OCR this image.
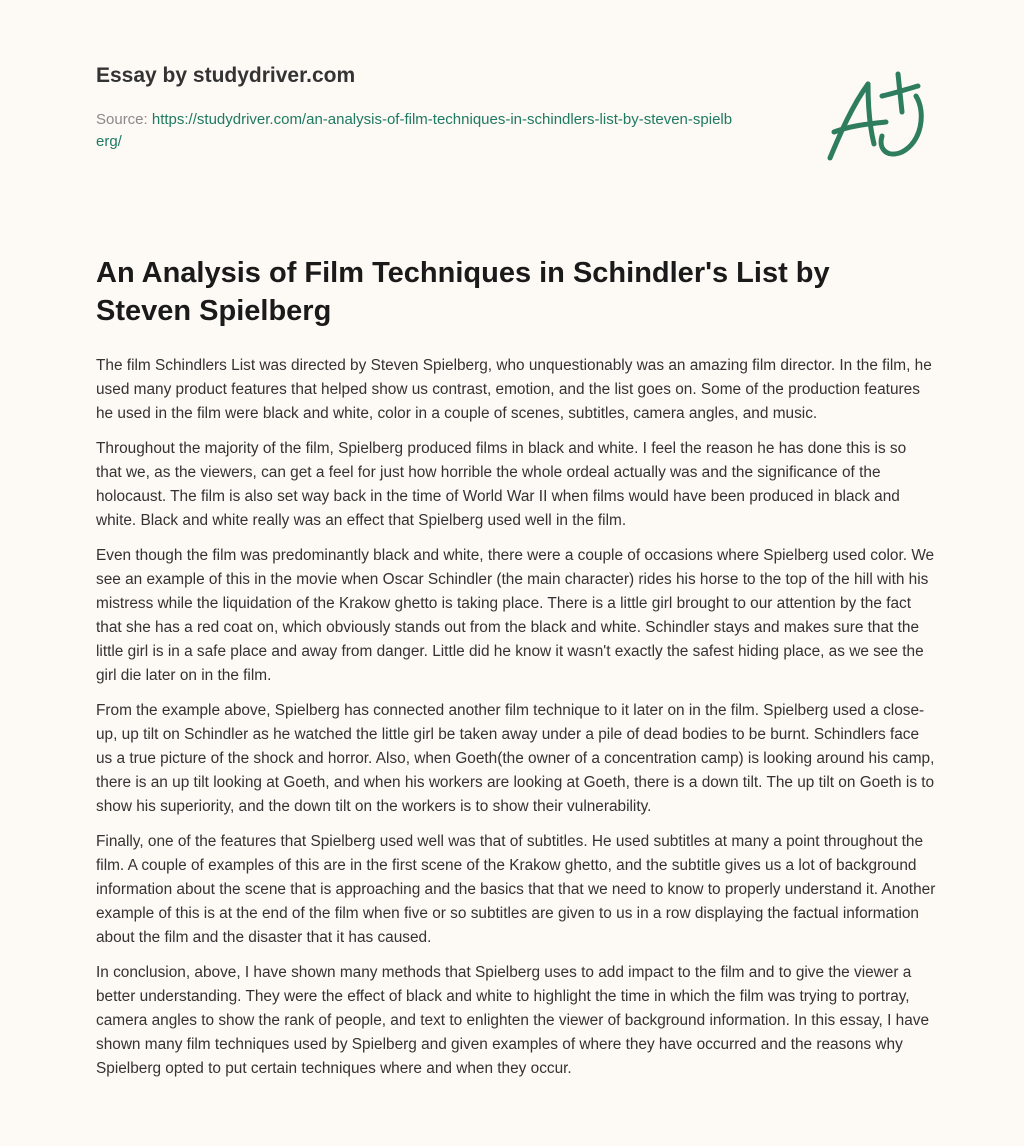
Essay by studydriver.com
Source: https://studydriver.com/an-analysis-of-film-techniques-in-schindlers-list-by-steven-spielberg/
An Analysis of Film Techniques in Schindler's List by Steven Spielberg

The film Schindlers List was directed by Steven Spielberg, who unquestionably was an amazing film director. In the film, he used many product features that helped show us contrast, emotion, and the list goes on. Some of the production features he used in the film were black and white, color in a couple of scenes, subtitles, camera angles, and music.

Throughout the majority of the film, Spielberg produced films in black and white. I feel the reason he has done this is so that we, as the viewers, can get a feel for just how horrible the whole ordeal actually was and the significance of the holocaust. The film is also set way back in the time of World War II when films would have been produced in black and white. Black and white really was an effect that Spielberg used well in the film.

Even though the film was predominantly black and white, there were a couple of occasions where Spielberg used color. We see an example of this in the movie when Oscar Schindler (the main character) rides his horse to the top of the hill with his mistress while the liquidation of the Krakow ghetto is taking place. There is a little girl brought to our attention by the fact that she has a red coat on, which obviously stands out from the black and white. Schindler stays and makes sure that the little girl is in a safe place and away from danger. Little did he know it wasn't exactly the safest hiding place, as we see the girl die later on in the film.

From the example above, Spielberg has connected another film technique to it later on in the film. Spielberg used a close-up, up tilt on Schindler as he watched the little girl be taken away under a pile of dead bodies to be burnt. Schindlers face us a true picture of the shock and horror. Also, when Goeth(the owner of a concentration camp) is looking around his camp, there is an up tilt looking at Goeth, and when his workers are looking at Goeth, there is a down tilt. The up tilt on Goeth is to show his superiority, and the down tilt on the workers is to show their vulnerability.

Finally, one of the features that Spielberg used well was that of subtitles. He used subtitles at many a point throughout the film. A couple of examples of this are in the first scene of the Krakow ghetto, and the subtitle gives us a lot of background information about the scene that is approaching and the basics that that we need to know to properly understand it. Another example of this is at the end of the film when five or so subtitles are given to us in a row displaying the factual information about the film and the disaster that it has caused.

In conclusion, above, I have shown many methods that Spielberg uses to add impact to the film and to give the viewer a better understanding. They were the effect of black and white to highlight the time in which the film was trying to portray, camera angles to show the rank of people, and text to enlighten the viewer of background information. In this essay, I have shown many film techniques used by Spielberg and given examples of where they have occurred and the reasons why Spielberg opted to put certain techniques where and when they occur.
